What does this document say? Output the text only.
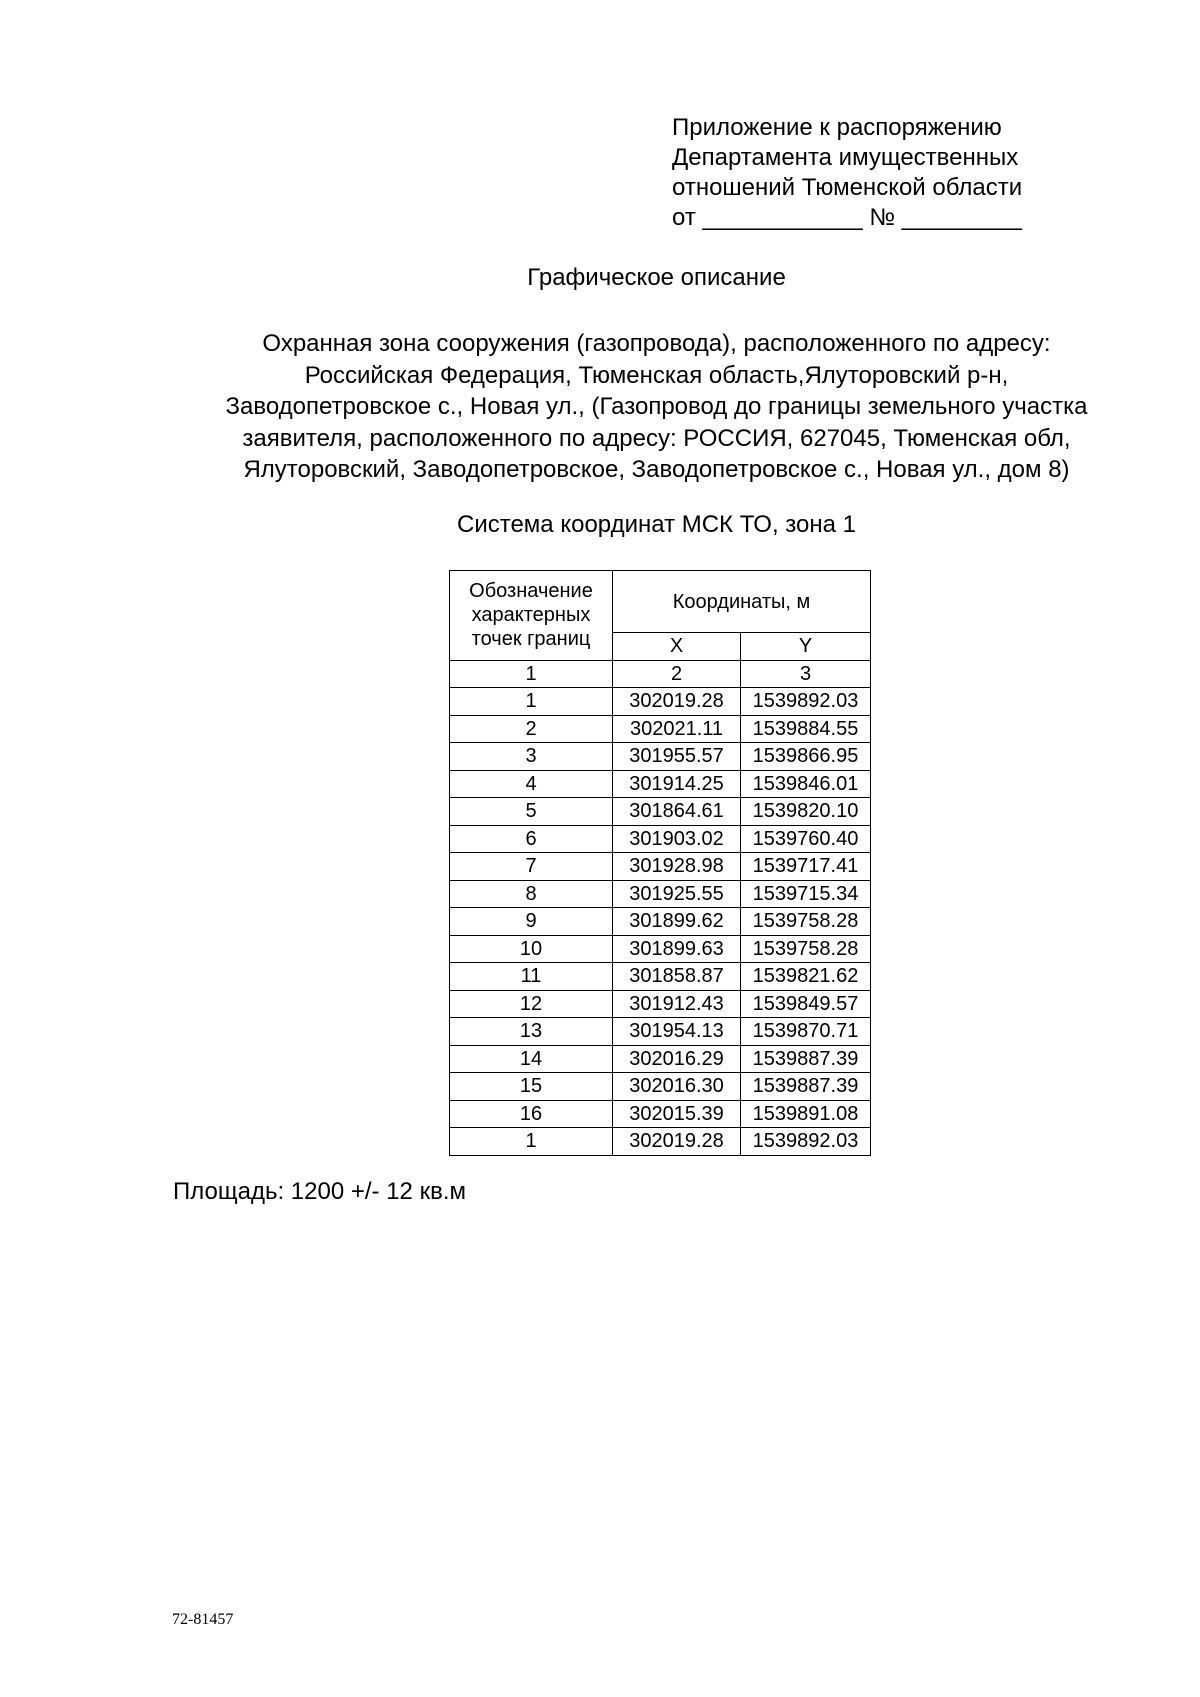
Приложение к распоряжению
Департамента имущественных
отношений Тюменской области
от ____________ № _________
Графическое описание
Охранная зона сооружения (газопровода), расположенного по адресу:
Российская Федерация, Тюменская область,Ялуторовский р-н,
Заводопетровское с., Новая ул., (Газопровод до границы земельного участка
заявителя, расположенного по адресу: РОССИЯ, 627045, Тюменская обл,
Ялуторовский, Заводопетровское, Заводопетровское с., Новая ул., дом 8)
Система координат МСК ТО, зона 1
Обозначение характерных точек границ	Координаты, м	
	X	Y
1	2	3
1	302019.28	1539892.03
2	302021.11	1539884.55
3	301955.57	1539866.95
4	301914.25	1539846.01
5	301864.61	1539820.10
6	301903.02	1539760.40
7	301928.98	1539717.41
8	301925.55	1539715.34
9	301899.62	1539758.28
10	301899.63	1539758.28
11	301858.87	1539821.62
12	301912.43	1539849.57
13	301954.13	1539870.71
14	302016.29	1539887.39
15	302016.30	1539887.39
16	302015.39	1539891.08
1	302019.28	1539892.03
Площадь: 1200 +/- 12 кв.м
72-81457
